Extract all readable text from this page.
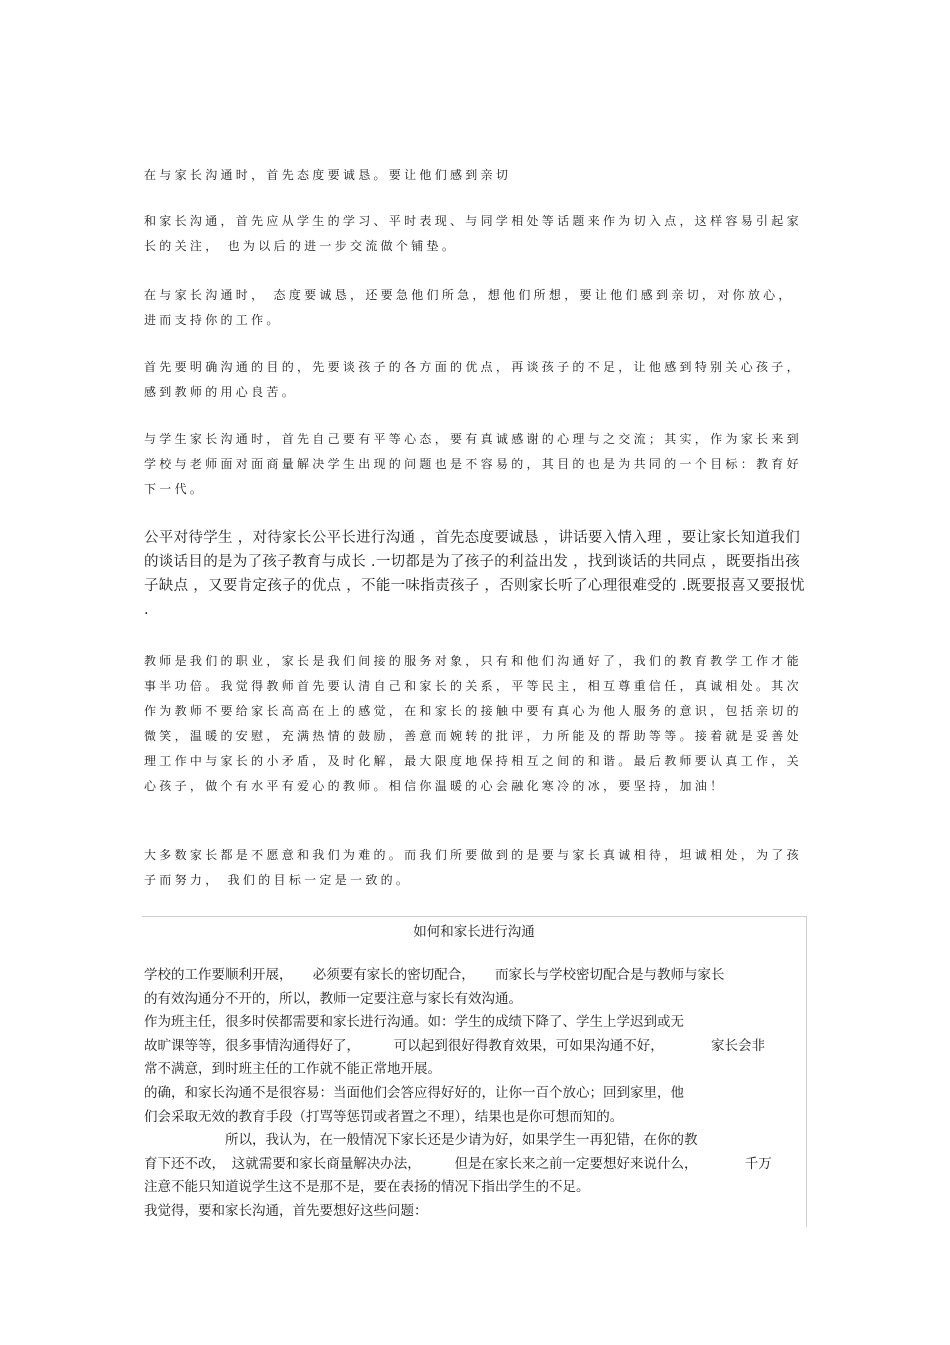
在与家长沟通时，首先态度要诚恳。要让他们感到亲切

和家长沟通，首先应从学生的学习、平时表现、与同学相处等话题来作为切入点，这样容易引起家长的关注， 也为以后的进一步交流做个铺垫。

在与家长沟通时， 态度要诚恳，还要急他们所急，想他们所想，要让他们感到亲切，对你放心，进而支持你的工作。

首先要明确沟通的目的，先要谈孩子的各方面的优点，再谈孩子的不足，让他感到特别关心孩子， 感到教师的用心良苦。

与学生家长沟通时，首先自己要有平等心态，要有真诚感谢的心理与之交流；其实，作为家长来到学校与老师面对面商量解决学生出现的问题也是不容易的，其目的也是为共同的一个目标：教育好下一代。

公平对待学生 ，对待家长公平长进行沟通 ，首先态度要诚恳 ，讲话要入情入理 ，要让家长知道我们的谈话目的是为了孩子教育与成长 .一切都是为了孩子的利益出发 ，找到谈话的共同点 ，既要指出孩子缺点 ，又要肯定孩子的优点 ，不能一味指责孩子 ，否则家长听了心理很难受的 .既要报喜又要报忧 .

教师是我们的职业，家长是我们间接的服务对象，只有和他们沟通好了，我们的教育教学工作才能事半功倍。我觉得教师首先要认清自己和家长的关系，平等民主，相互尊重信任，真诚相处。其次作为教师不要给家长高高在上的感觉，在和家长的接触中要有真心为他人服务的意识，包括亲切的微笑，温暖的安慰，充满热情的鼓励，善意而婉转的批评，力所能及的帮助等等。接着就是妥善处理工作中与家长的小矛盾，及时化解，最大限度地保持相互之间的和谐。最后教师要认真工作，关心孩子，做个有水平有爱心的教师。相信你温暖的心会融化寒冷的冰，要坚持，加油！

大多数家长都是不愿意和我们为难的。而我们所要做到的是要与家长真诚相待，坦诚相处，为了孩子而努力， 我们的目标一定是一致的。

如何和家长进行沟通

学校的工作要顺利开展，　　必须要有家长的密切配合，　　而家长与学校密切配合是与教师与家长

的有效沟通分不开的，所以，教师一定要注意与家长有效沟通。

作为班主任，很多时侯都需要和家长进行沟通。如：学生的成绩下降了、学生上学迟到或无

故旷课等等，很多事情沟通得好了，　　　可以起到很好得教育效果，可如果沟通不好，　　　　家长会非

常不满意，到时班主任的工作就不能正常地开展。

的确，和家长沟通不是很容易：当面他们会答应得好好的，让你一百个放心；回到家里，他

们会采取无效的教育手段（打骂等惩罚或者置之不理），结果也是你可想而知的。

　　　　　　所以，我认为，在一般情况下家长还是少请为好，如果学生一再犯错，在你的教

育下还不改，　这就需要和家长商量解决办法，　　　但是在家长来之前一定要想好来说什么，　　　　千万

注意不能只知道说学生这不是那不是，要在表扬的情况下指出学生的不足。

我觉得，要和家长沟通，首先要想好这些问题：
